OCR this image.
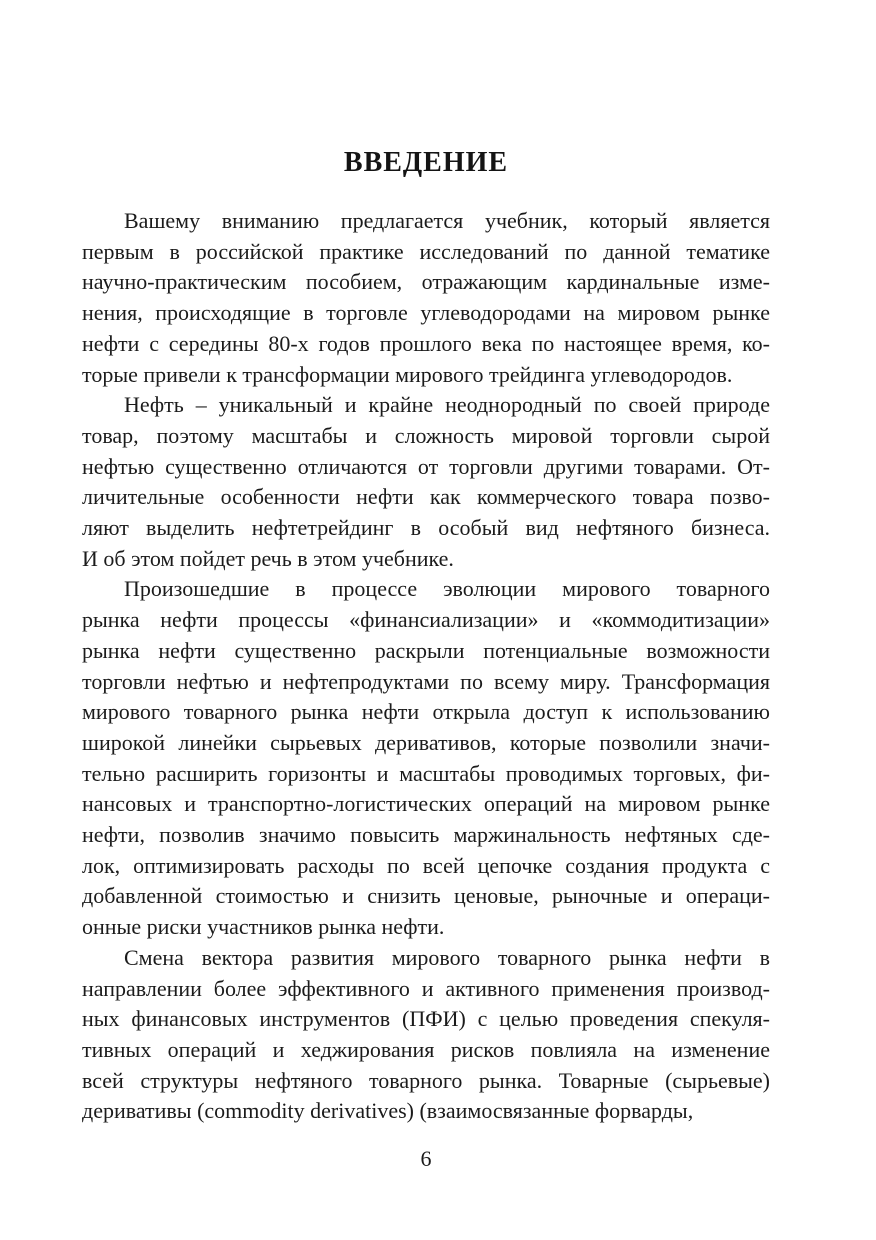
ВВЕДЕНИЕ

Вашему вниманию предлагается учебник, который является
первым в российской практике исследований по данной тематике
научно-практическим пособием, отражающим кардинальные изме-
нения, происходящие в торговле углеводородами на мировом рынке
нефти с середины 80-х годов прошлого века по настоящее время, ко-
торые привели к трансформации мирового трейдинга углеводородов.

Нефть – уникальный и крайне неоднородный по своей природе
товар, поэтому масштабы и сложность мировой торговли сырой
нефтью существенно отличаются от торговли другими товарами. От-
личительные особенности нефти как коммерческого товара позво-
ляют выделить нефтетрейдинг в особый вид нефтяного бизнеса.
И об этом пойдет речь в этом учебнике.

Произошедшие в процессе эволюции мирового товарного
рынка нефти процессы «финансиализации» и «коммодитизации»
рынка нефти существенно раскрыли потенциальные возможности
торговли нефтью и нефтепродуктами по всему миру. Трансформация
мирового товарного рынка нефти открыла доступ к использованию
широкой линейки сырьевых деривативов, которые позволили значи-
тельно расширить горизонты и масштабы проводимых торговых, фи-
нансовых и транспортно-логистических операций на мировом рынке
нефти, позволив значимо повысить маржинальность нефтяных сде-
лок, оптимизировать расходы по всей цепочке создания продукта с
добавленной стоимостью и снизить ценовые, рыночные и операци-
онные риски участников рынка нефти.

Смена вектора развития мирового товарного рынка нефти в
направлении более эффективного и активного применения производ-
ных финансовых инструментов (ПФИ) с целью проведения спекуля-
тивных операций и хеджирования рисков повлияла на изменение
всей структуры нефтяного товарного рынка. Товарные (сырьевые)
деривативы (commodity derivatives) (взаимосвязанные форварды,

6
